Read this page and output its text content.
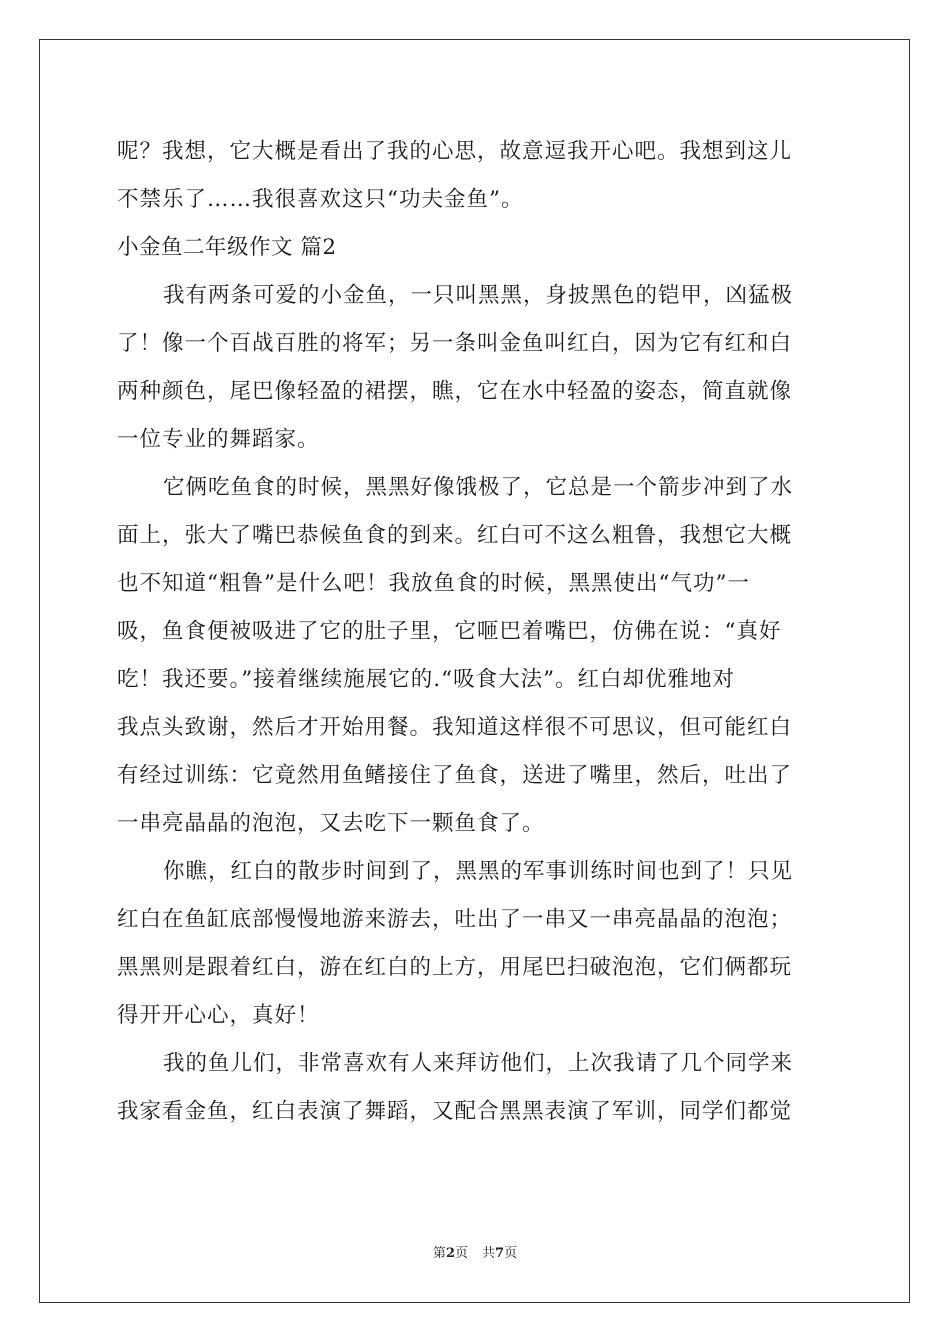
呢？我想，它大概是看出了我的心思，故意逗我开心吧。我想到这儿
不禁乐了……我很喜欢这只“功夫金鱼”。
小金鱼二年级作文 篇2
我有两条可爱的小金鱼，一只叫黑黑，身披黑色的铠甲，凶猛极
了！像一个百战百胜的将军；另一条叫金鱼叫红白，因为它有红和白
两种颜色，尾巴像轻盈的裙摆，瞧，它在水中轻盈的姿态，简直就像
一位专业的舞蹈家。
它俩吃鱼食的时候，黑黑好像饿极了，它总是一个箭步冲到了水
面上，张大了嘴巴恭候鱼食的到来。红白可不这么粗鲁，我想它大概
也不知道“粗鲁”是什么吧！我放鱼食的时候，黑黑使出“气功”一
吸，鱼食便被吸进了它的肚子里，它咂巴着嘴巴，仿佛在说：“真好
吃！我还要。”接着继续施展它的.“吸食大法”。红白却优雅地对
我点头致谢，然后才开始用餐。我知道这样很不可思议，但可能红白
有经过训练：它竟然用鱼鳍接住了鱼食，送进了嘴里，然后，吐出了
一串亮晶晶的泡泡，又去吃下一颗鱼食了。
你瞧，红白的散步时间到了，黑黑的军事训练时间也到了！只见
红白在鱼缸底部慢慢地游来游去，吐出了一串又一串亮晶晶的泡泡；
黑黑则是跟着红白，游在红白的上方，用尾巴扫破泡泡，它们俩都玩
得开开心心，真好！
我的鱼儿们，非常喜欢有人来拜访他们，上次我请了几个同学来
我家看金鱼，红白表演了舞蹈，又配合黑黑表演了军训，同学们都觉
第2页 共7页
